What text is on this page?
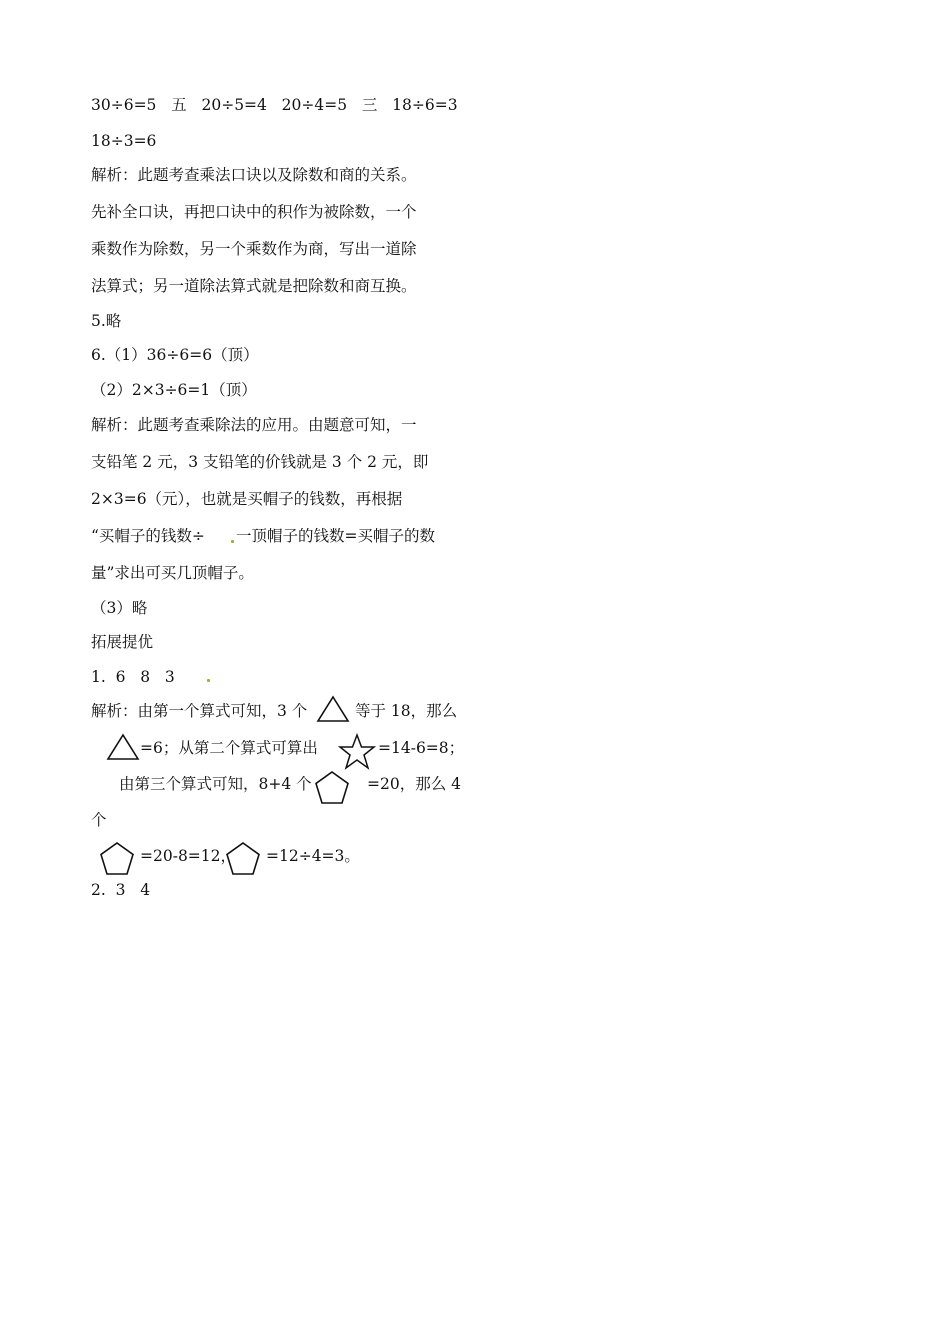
30÷6=5   五   20÷5=4   20÷4=5   三   18÷6=3
18÷3=6
解析：此题考查乘法口诀以及除数和商的关系。
先补全口诀，再把口诀中的积作为被除数，一个
乘数作为除数，另一个乘数作为商，写出一道除
法算式；另一道除法算式就是把除数和商互换。
5.略
6.（1）36÷6=6（顶）
（2）2×3÷6=1（顶）
解析：此题考查乘除法的应用。由题意可知，一
支铅笔 2 元，3 支铅笔的价钱就是 3 个 2 元，即
2×3=6（元），也就是买帽子的钱数，再根据
“买帽子的钱数÷ 一顶帽子的钱数=买帽子的数
量”求出可买几顶帽子。
（3）略
拓展提优
1.  6   8   3
解析：由第一个算式可知，3 个	等于 18，那么
=6；从第二个算式可算出	=14-6=8；
由第三个算式可知，8+4 个	=20，那么 4
个
=20-8=12， =12÷4=3。
2.  3   4
